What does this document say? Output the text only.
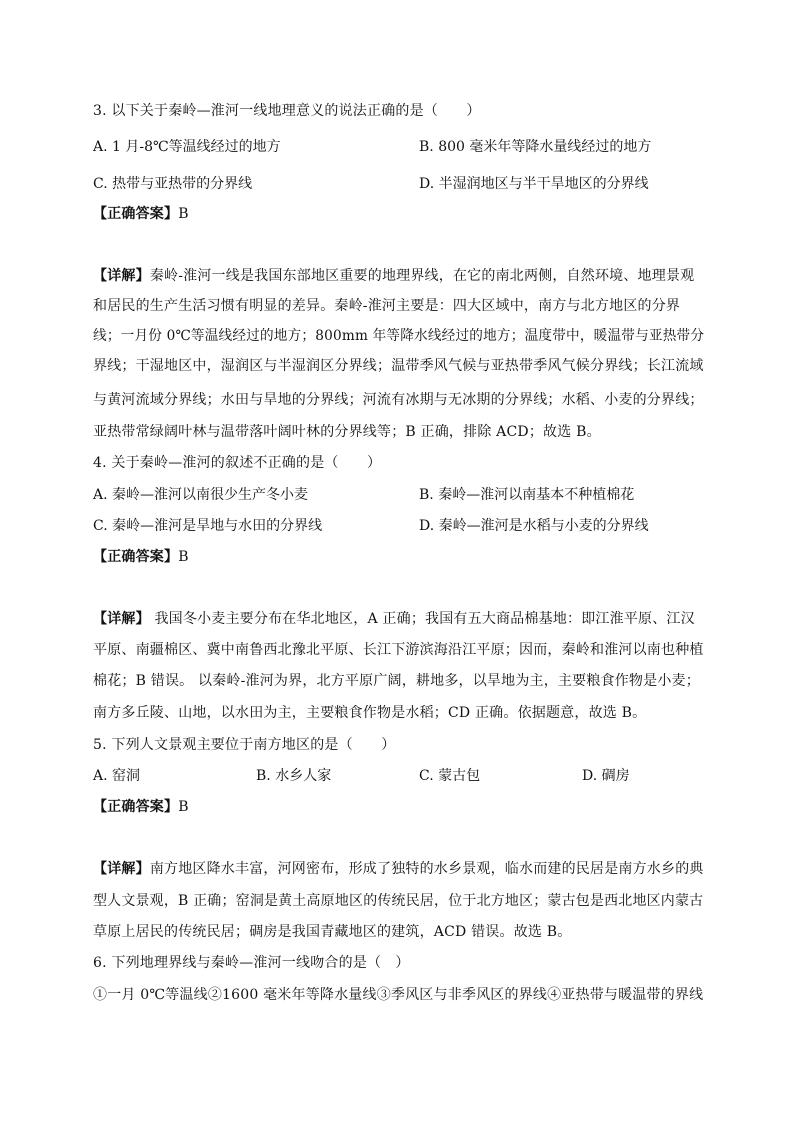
3. 以下关于秦岭—淮河一线地理意义的说法正确的是（　　）
A. 1 月-8℃等温线经过的地方	B. 800 毫米年等降水量线经过的地方
C. 热带与亚热带的分界线	D. 半湿润地区与半干旱地区的分界线
【正确答案】B
【详解】秦岭-淮河一线是我国东部地区重要的地理界线，在它的南北两侧，自然环境、地理景观
和居民的生产生活习惯有明显的差异。秦岭-淮河主要是：四大区域中，南方与北方地区的分界
线；一月份 0℃等温线经过的地方；800mm 年等降水线经过的地方；温度带中，暖温带与亚热带分
界线；干湿地区中，湿润区与半湿润区分界线；温带季风气候与亚热带季风气候分界线；长江流域
与黄河流域分界线；水田与旱地的分界线；河流有冰期与无冰期的分界线；水稻、小麦的分界线；
亚热带常绿阔叶林与温带落叶阔叶林的分界线等；B 正确，排除 ACD；故选 B。
4. 关于秦岭—淮河的叙述不正确的是（　　）
A. 秦岭—淮河以南很少生产冬小麦	B. 秦岭—淮河以南基本不种植棉花
C. 秦岭—淮河是旱地与水田的分界线	D. 秦岭—淮河是水稻与小麦的分界线
【正确答案】B
【详解】 我国冬小麦主要分布在华北地区，A 正确；我国有五大商品棉基地：即江淮平原、江汉
平原、南疆棉区、冀中南鲁西北豫北平原、长江下游滨海沿江平原；因而，秦岭和淮河以南也种植
棉花；B 错误。 以秦岭-淮河为界，北方平原广阔，耕地多，以旱地为主，主要粮食作物是小麦；
南方多丘陵、山地，以水田为主，主要粮食作物是水稻；CD 正确。依据题意，故选 B。
5. 下列人文景观主要位于南方地区的是（　　）
A. 窑洞	B. 水乡人家	C. 蒙古包	D. 碉房
【正确答案】B
【详解】南方地区降水丰富，河网密布，形成了独特的水乡景观，临水而建的民居是南方水乡的典
型人文景观，B 正确；窑洞是黄土高原地区的传统民居，位于北方地区；蒙古包是西北地区内蒙古
草原上居民的传统民居；碉房是我国青藏地区的建筑，ACD 错误。故选 B。
6. 下列地理界线与秦岭—淮河一线吻合的是（　）
①一月 0℃等温线②1600 毫米年等降水量线③季风区与非季风区的界线④亚热带与暖温带的界线
